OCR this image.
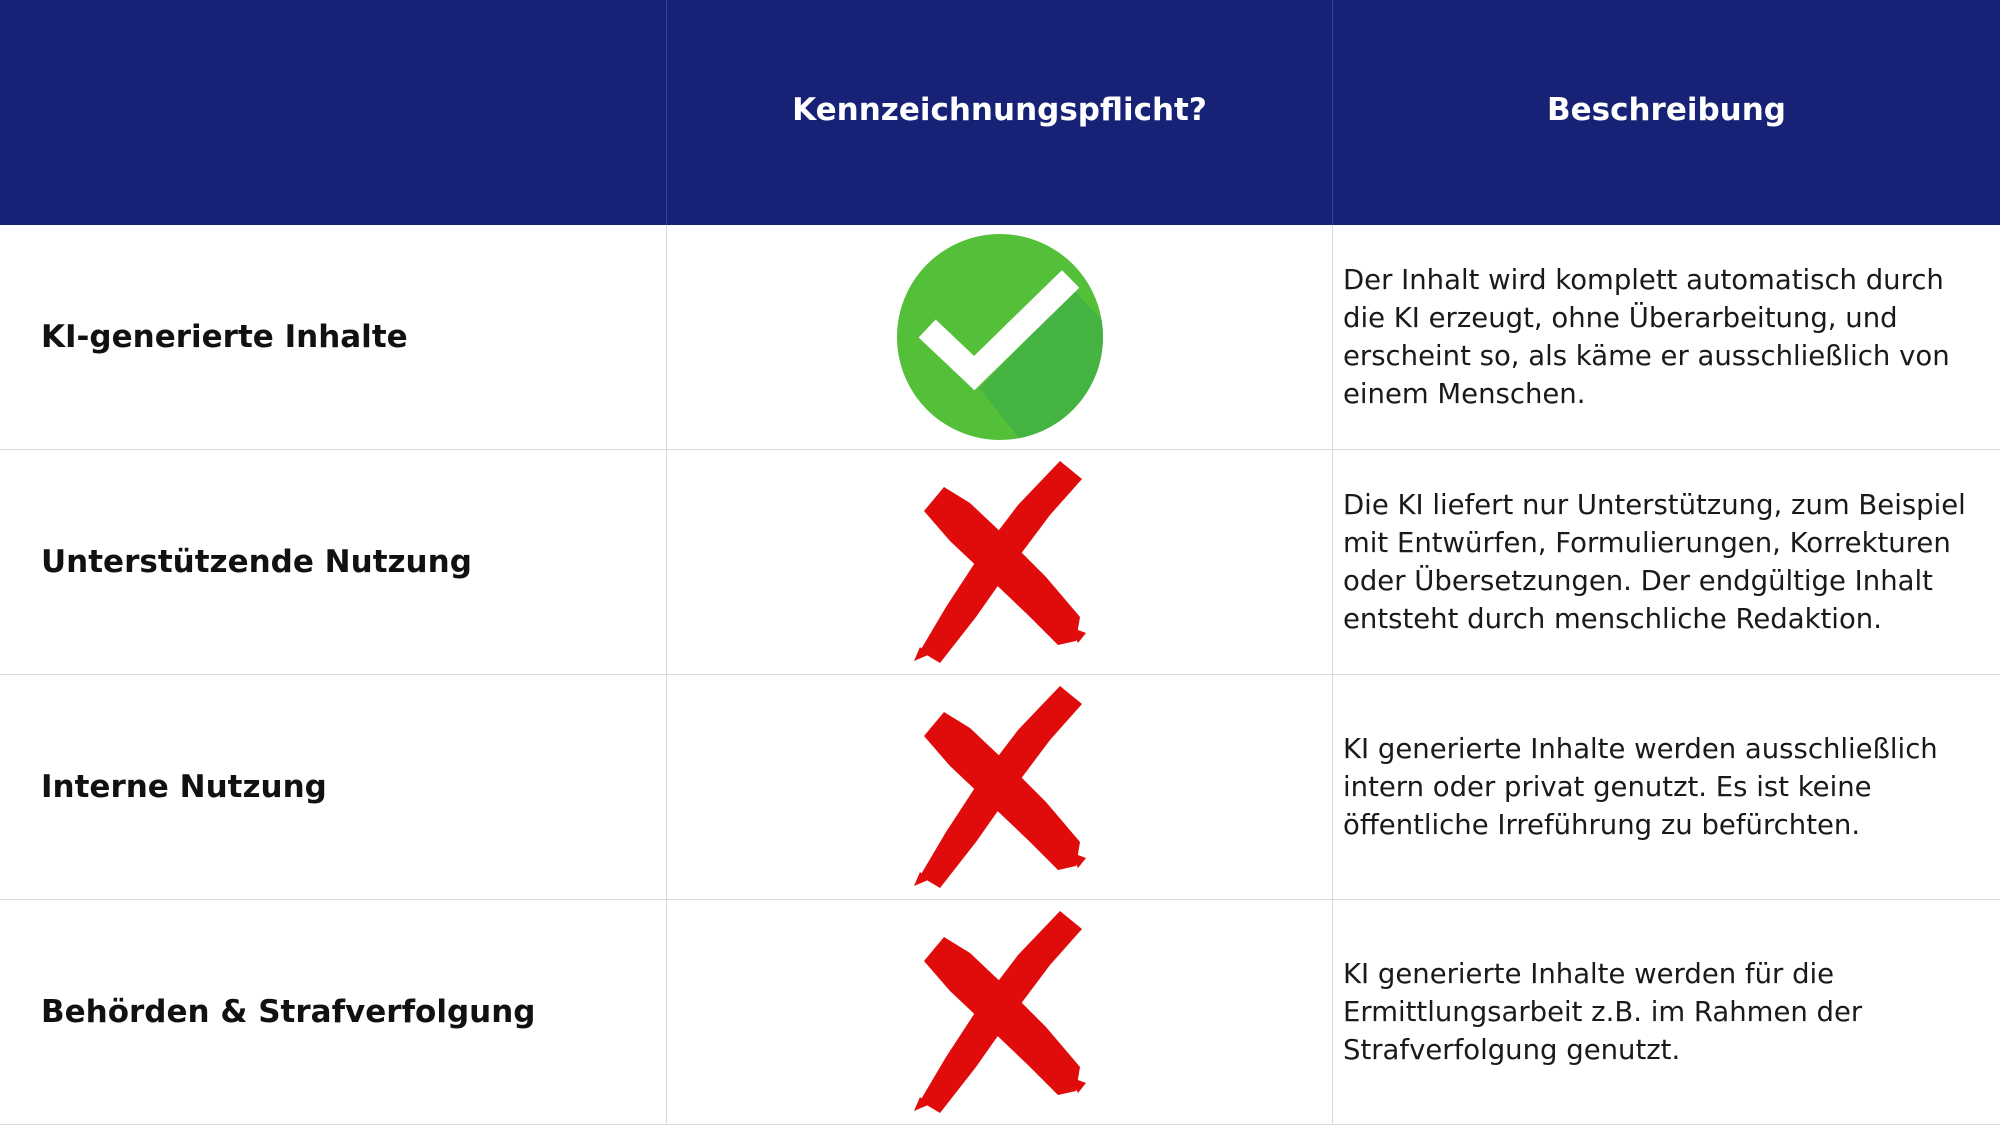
Kennzeichnungspflicht?	Beschreibung
KI-generierte Inhalte
Der Inhalt wird komplett automatisch durch die KI erzeugt, ohne Überarbeitung, und erscheint so, als käme er ausschließlich von einem Menschen.
Unterstützende Nutzung
Die KI liefert nur Unterstützung, zum Beispiel mit Entwürfen, Formulierungen, Korrekturen oder Übersetzungen. Der endgültige Inhalt entsteht durch menschliche Redaktion.
Interne Nutzung
KI generierte Inhalte werden ausschließlich intern oder privat genutzt. Es ist keine öffentliche Irreführung zu befürchten.
Behörden & Strafverfolgung
KI generierte Inhalte werden für die Ermittlungsarbeit z.B. im Rahmen der Strafverfolgung genutzt.
